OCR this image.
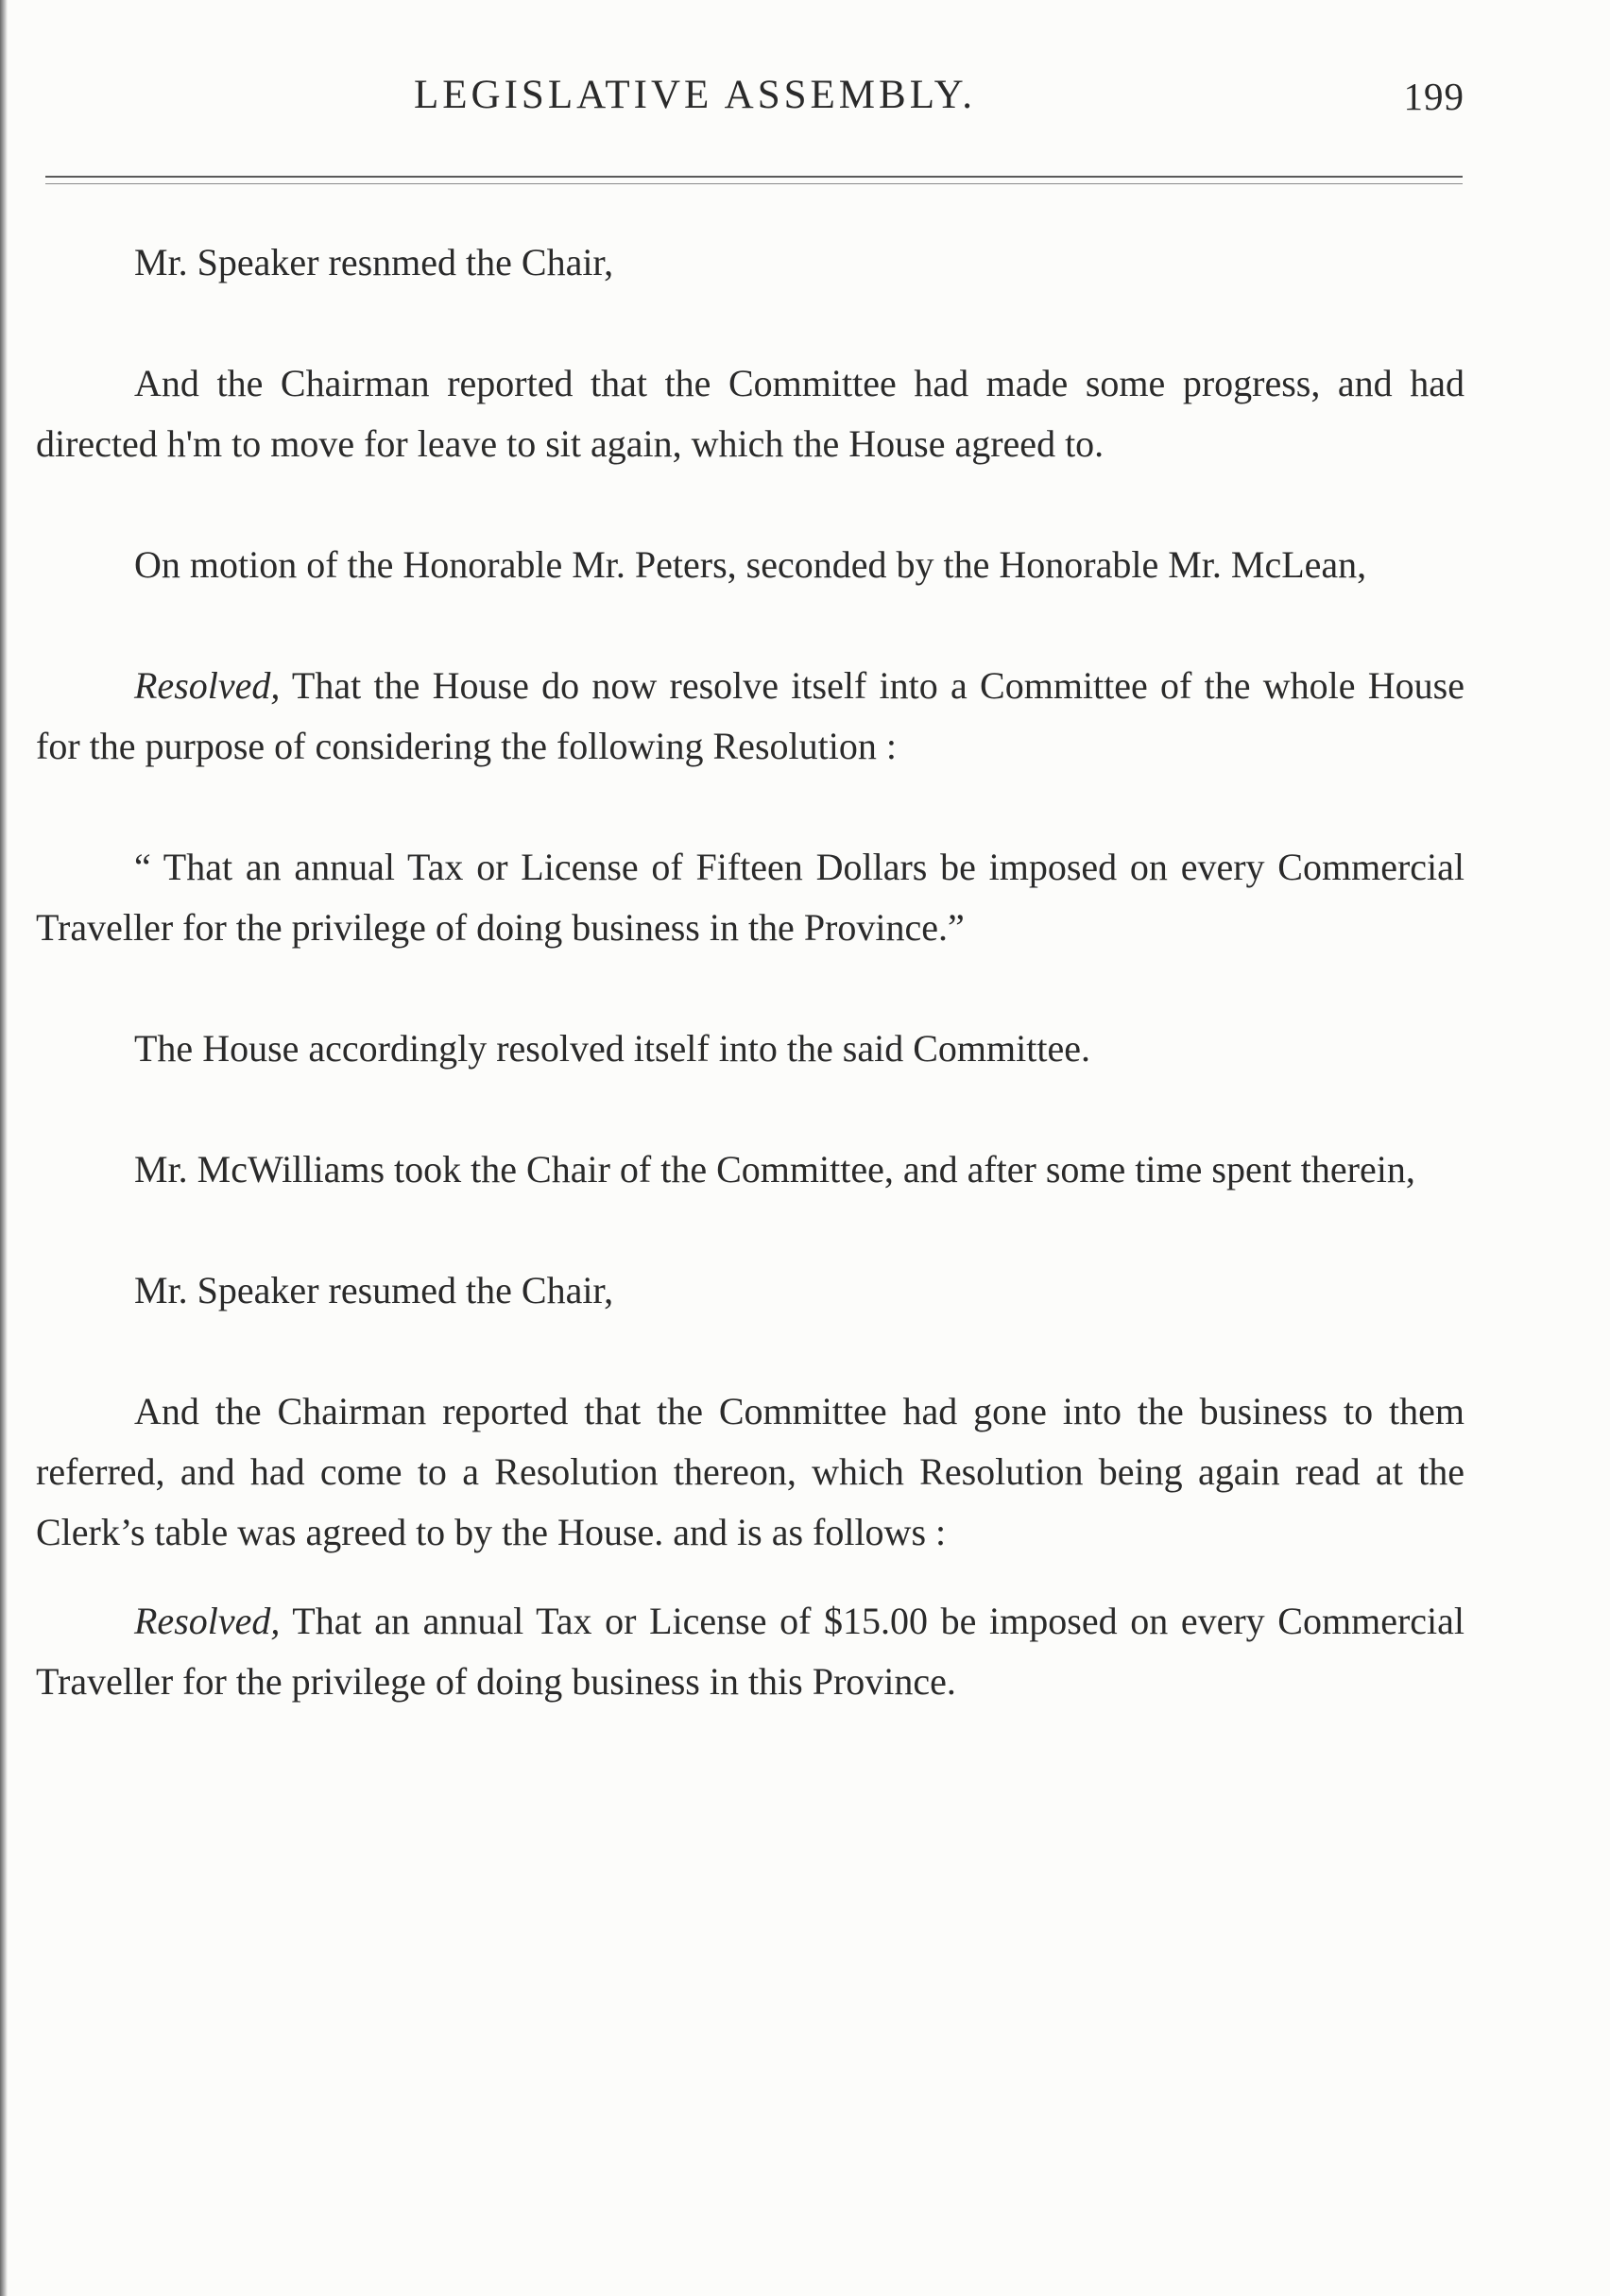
LEGISLATIVE ASSEMBLY.	199

Mr. Speaker resnmed the Chair,

And the Chairman reported that the Committee had made some progress, and had directed h'm to move for leave to sit again, which the House agreed to.

On motion of the Honorable Mr. Peters, seconded by the Honorable Mr. McLean,

Resolved, That the House do now resolve itself into a Committee of the whole House for the purpose of considering the following Resolution :

“ That an annual Tax or License of Fifteen Dollars be imposed on every Commercial Traveller for the privilege of doing business in the Province.”

The House accordingly resolved itself into the said Committee.

Mr. McWilliams took the Chair of the Committee, and after some time spent therein,

Mr. Speaker resumed the Chair,

And the Chairman reported that the Committee had gone into the business to them referred, and had come to a Resolution thereon, which Resolution being again read at the Clerk’s table was agreed to by the House. and is as follows :

Resolved, That an annual Tax or License of $15.00 be imposed on every Commercial Traveller for the privilege of doing business in this Province.
